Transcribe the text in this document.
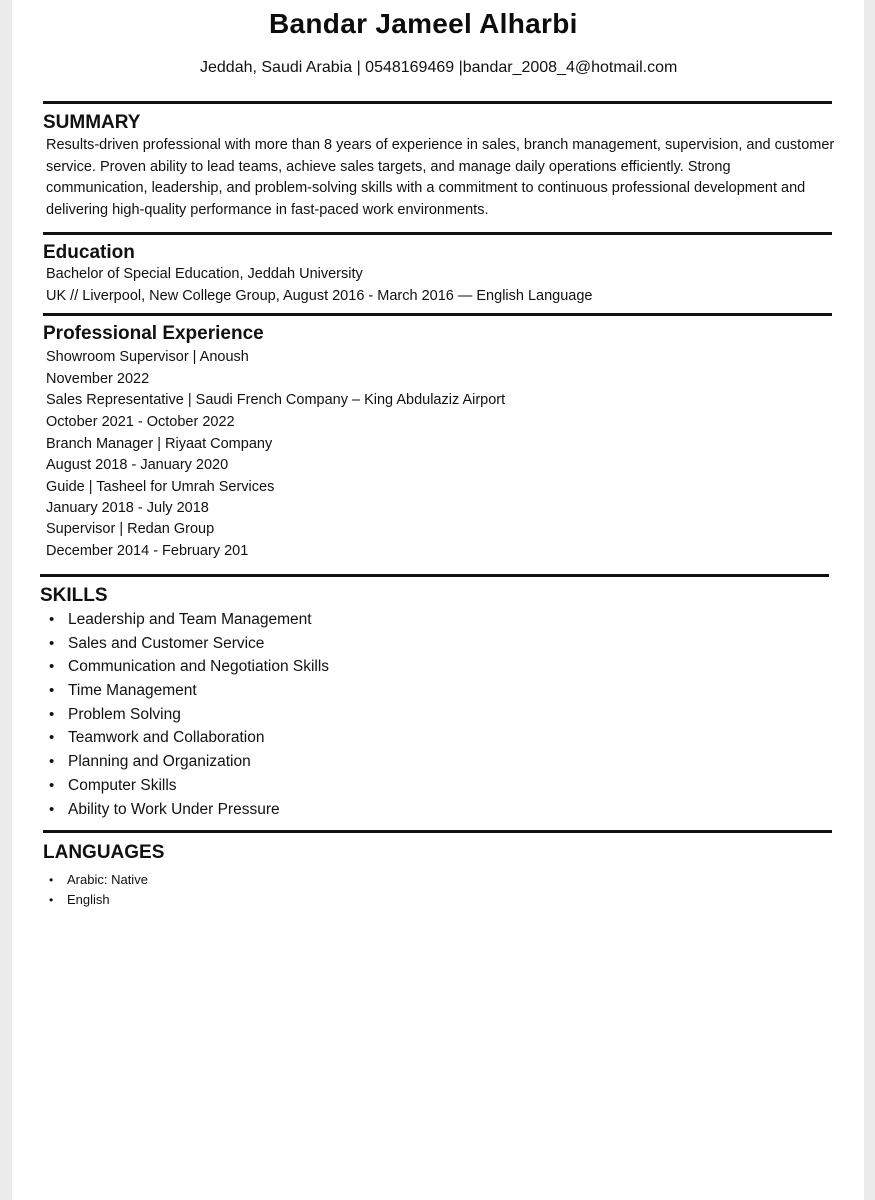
Bandar Jameel Alharbi
Jeddah, Saudi Arabia | 0548169469 |bandar_2008_4@hotmail.com
SUMMARY
Results-driven professional with more than 8 years of experience in sales, branch management, supervision, and customer service. Proven ability to lead teams, achieve sales targets, and manage daily operations efficiently. Strong communication, leadership, and problem-solving skills with a commitment to continuous professional development and delivering high-quality performance in fast-paced work environments.
Education
Bachelor of Special Education, Jeddah University
UK // Liverpool, New College Group, August 2016 - March 2016 — English Language
Professional Experience
Showroom Supervisor | Anoush
November 2022
Sales Representative | Saudi French Company – King Abdulaziz Airport
October 2021 - October 2022
Branch Manager | Riyaat Company
August 2018 - January 2020
Guide | Tasheel for Umrah Services
January 2018 - July 2018
Supervisor | Redan Group
December 2014 - February 201
SKILLS
• Leadership and Team Management
• Sales and Customer Service
• Communication and Negotiation Skills
• Time Management
• Problem Solving
• Teamwork and Collaboration
• Planning and Organization
• Computer Skills
• Ability to Work Under Pressure
LANGUAGES
• Arabic: Native
• English
